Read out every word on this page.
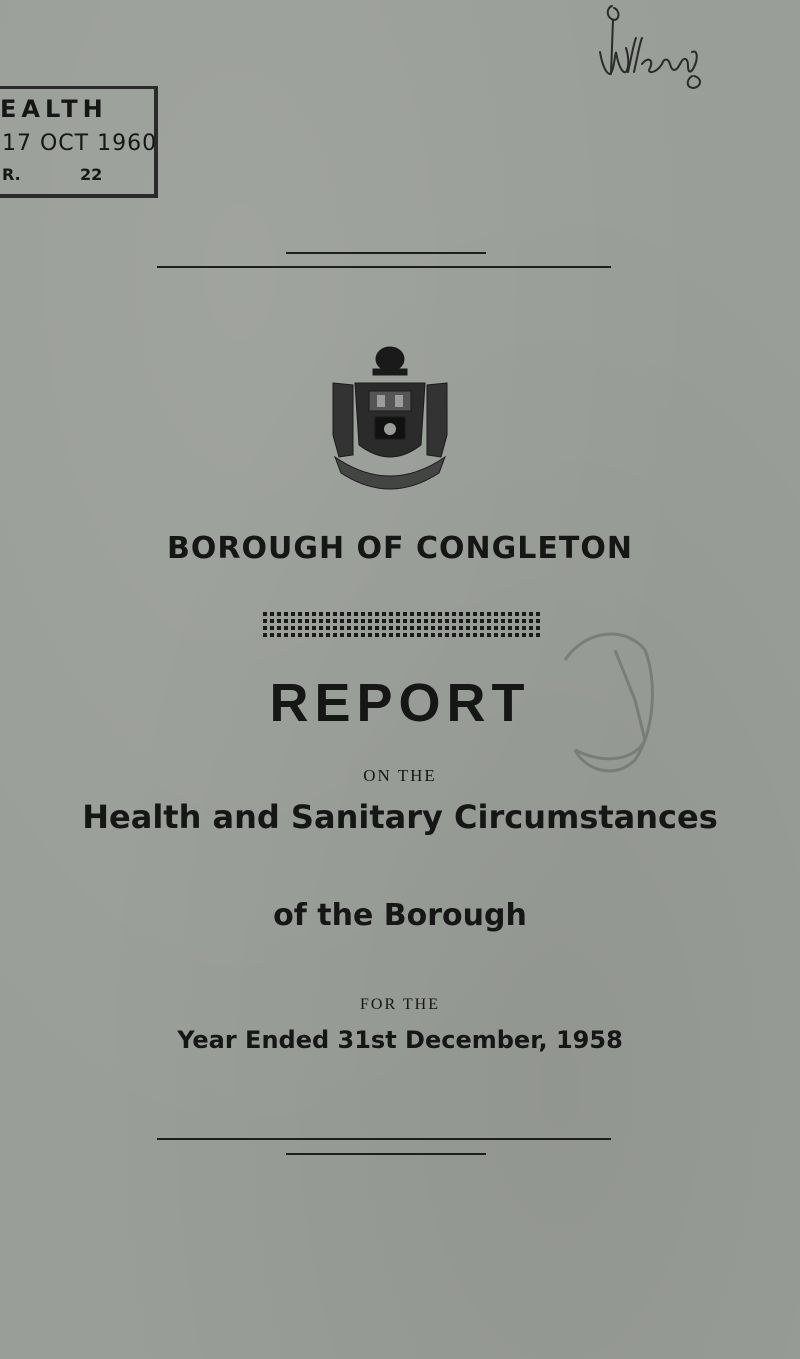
EALTH
17 OCT 1960
R.	22
BOROUGH OF CONGLETON
REPORT
ON THE
Health and Sanitary Circumstances
of the Borough
FOR THE
Year Ended 31st December, 1958
